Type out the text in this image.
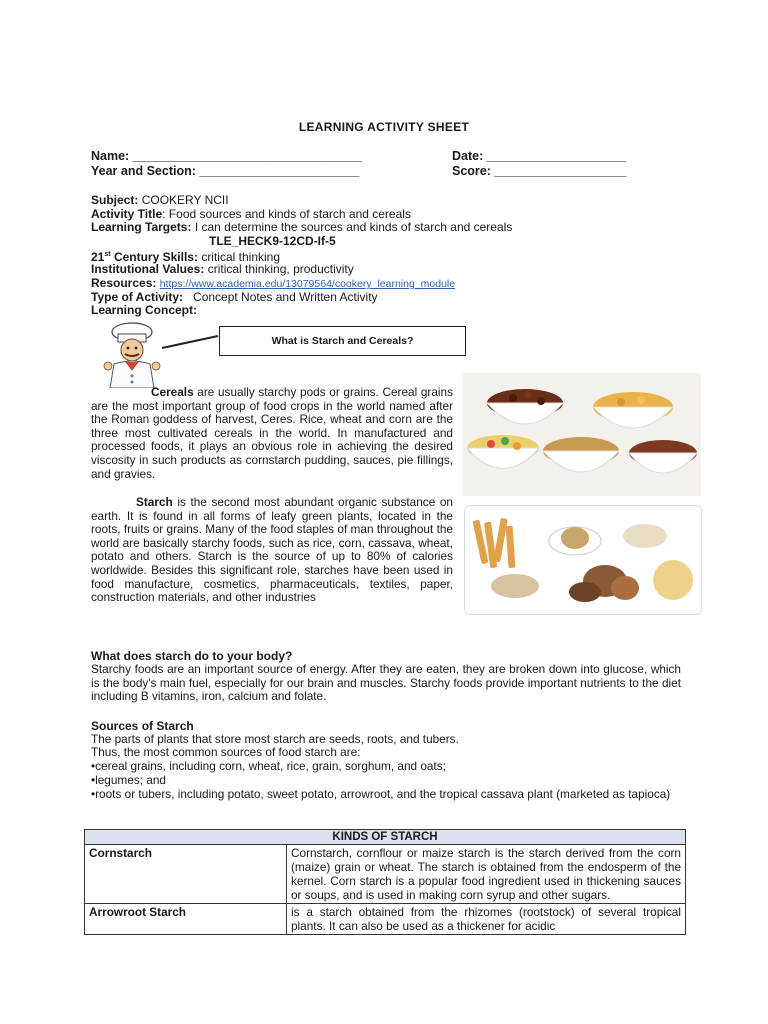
LEARNING ACTIVITY SHEET
Name: _________________________________	Date: ____________________
Year and Section: _______________________	Score: ___________________
Subject: COOKERY NCII
Activity Title: Food sources and kinds of starch and cereals
Learning Targets: I can determine the sources and kinds of starch and cereals
TLE_HECK9-12CD-If-5
21st Century Skills: critical thinking
Institutional Values: critical thinking, productivity
Resources: https://www.academia.edu/13079564/cookery_learning_module
Type of Activity: Concept Notes and Written Activity
Learning Concept:
What is Starch and Cereals?
Cereals are usually starchy pods or grains. Cereal grains are the most important group of food crops in the world named after the Roman goddess of harvest, Ceres. Rice, wheat and corn are the three most cultivated cereals in the world. In manufactured and processed foods, it plays an obvious role in achieving the desired viscosity in such products as cornstarch pudding, sauces, pie fillings, and gravies.
Starch is the second most abundant organic substance on earth. It is found in all forms of leafy green plants, located in the roots, fruits or grains. Many of the food staples of man throughout the world are basically starchy foods, such as rice, corn, cassava, wheat, potato and others. Starch is the source of up to 80% of calories worldwide. Besides this significant role, starches have been used in food manufacture, cosmetics, pharmaceuticals, textiles, paper, construction materials, and other industries
What does starch do to your body?
Starchy foods are an important source of energy. After they are eaten, they are broken down into glucose, which is the body's main fuel, especially for our brain and muscles. Starchy foods provide important nutrients to the diet including B vitamins, iron, calcium and folate.
Sources of Starch
The parts of plants that store most starch are seeds, roots, and tubers.
Thus, the most common sources of food starch are:
•cereal grains, including corn, wheat, rice, grain, sorghum, and oats;
•legumes; and
•roots or tubers, including potato, sweet potato, arrowroot, and the tropical cassava plant (marketed as tapioca)
KINDS OF STARCH	
Cornstarch	Cornstarch, cornflour or maize starch is the starch derived from the corn (maize) grain or wheat. The starch is obtained from the endosperm of the kernel. Corn starch is a popular food ingredient used in thickening sauces or soups, and is used in making corn syrup and other sugars.
Arrowroot Starch	is a starch obtained from the rhizomes (rootstock) of several tropical plants. It can also be used as a thickener for acidic
